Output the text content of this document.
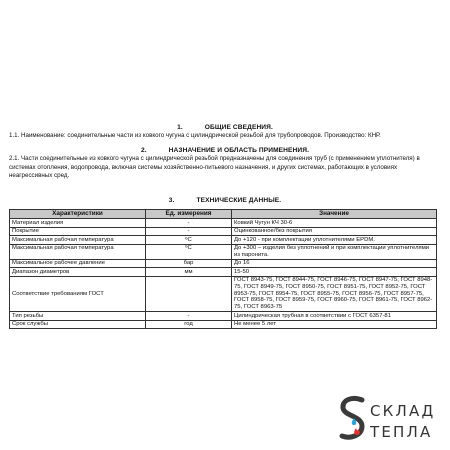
1.	ОБЩИЕ СВЕДЕНИЯ.
1.1. Наименование: соединительные части из ковкого чугуна с цилиндрической резьбой для трубопроводов. Производство: КНР.
2.	НАЗНАЧЕНИЕ И ОБЛАСТЬ ПРИМЕНЕНИЯ.
2.1. Части соединительные из ковкого чугуна с цилиндрической резьбой предназначены для соединения труб (с применением уплотнителя) в системах отопления, водопровода, включая системы хозяйственно-питьевого назначения, и других системах, работающих в условиях неагрессивных сред.
3.	ТЕХНИЧЕСКИЕ ДАННЫЕ.
Характеристики	Ед. измерения	Значение
Материал изделия	-	Ковкий Чугун КЧ 30-6
Покрытие	-	Оцинкованное/без покрытия
Максимальная рабочая температура	ºC	До +120 - при комплектации уплотнителями EPDM.
Максимальная рабочая температура	ºC	До +300 – изделия без уплотнений и при комплектации уплотнителями из паронита.
Максимальное рабочее давление	бар	До 16
Диапазон диаметров	мм	15-50
Соответствие требованиям ГОСТ		ГОСТ 8943-75, ГОСТ 8944-75, ГОСТ 8946-75, ГОСТ 8947-75, ГОСТ 8948-75, ГОСТ 8949-75, ГОСТ 8950-75, ГОСТ 8951-75, ГОСТ 8952-75, ГОСТ 8953-75, ГОСТ 8954-75, ГОСТ 8955-75, ГОСТ 8956-75, ГОСТ 8957-75, ГОСТ 8958-75, ГОСТ 8959-75, ГОСТ 8960-75, ГОСТ 8961-75, ГОСТ 8962-75, ГОСТ 8963-75
Тип резьбы	-	Цилиндрическая трубная в соответствии с ГОСТ 6357-81
Срок службы	год	Не менее 5 лет
СКЛАД
ТЕПЛА
